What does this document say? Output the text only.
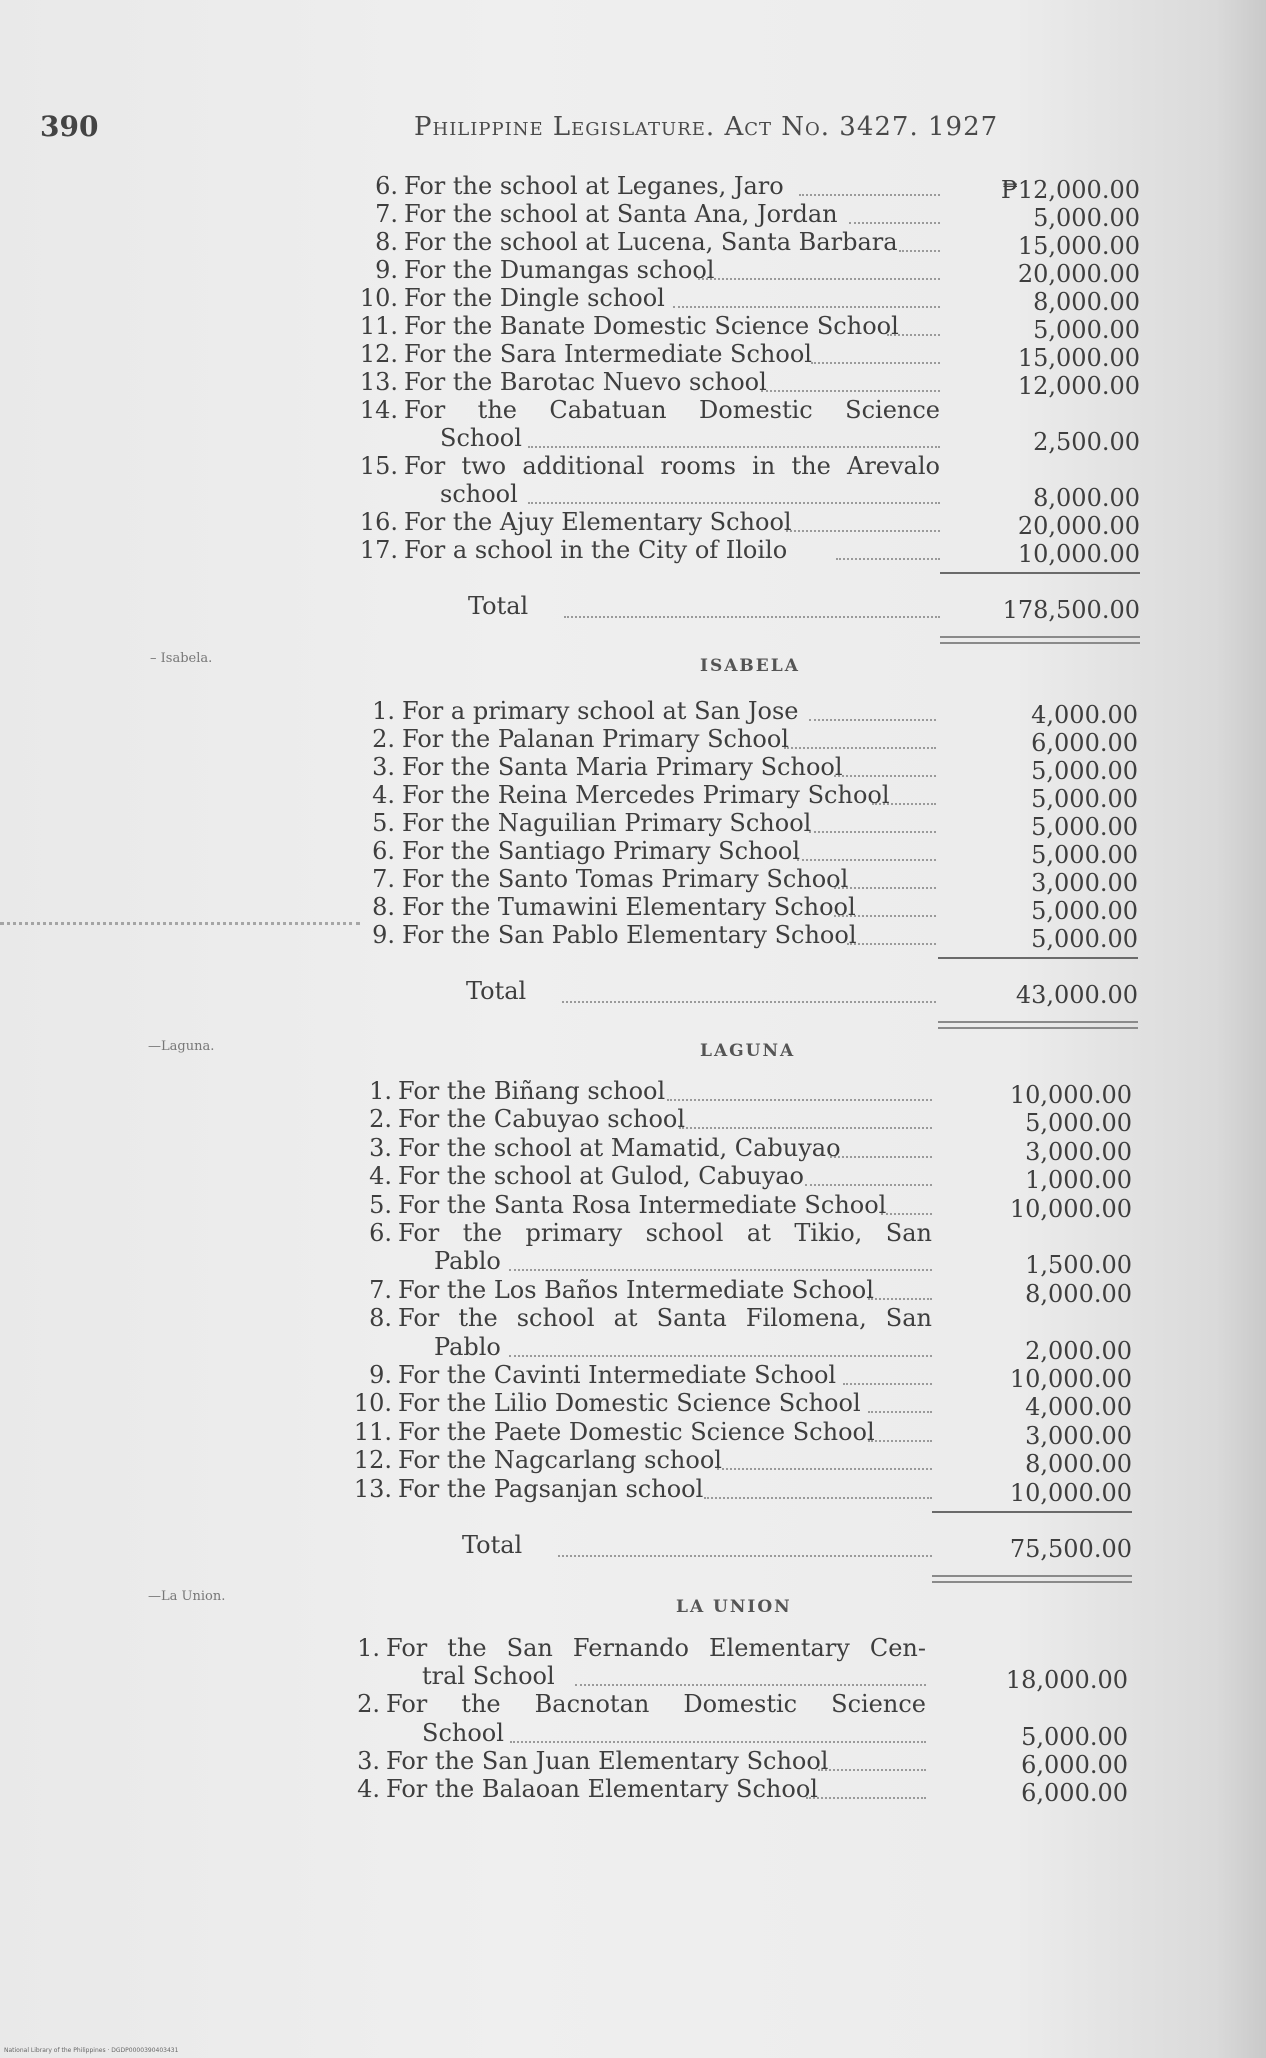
390	Philippine Legislature. Act No. 3427. 1927
6. For the school at Leganes, Jaro	₱12,000.00
7. For the school at Santa Ana, Jordan	5,000.00
8. For the school at Lucena, Santa Barbara	15,000.00
9. For the Dumangas school	20,000.00
10. For the Dingle school	8,000.00
11. For the Banate Domestic Science School	5,000.00
12. For the Sara Intermediate School	15,000.00
13. For the Barotac Nuevo school	12,000.00
14. For the Cabatuan Domestic Science
School	2,500.00
15. For two additional rooms in the Arevalo
school	8,000.00
16. For the Ajuy Elementary School	20,000.00
17. For a school in the City of Iloilo	10,000.00
Total	178,500.00
– Isabela.	ISABELA
1. For a primary school at San Jose	4,000.00
2. For the Palanan Primary School	6,000.00
3. For the Santa Maria Primary School	5,000.00
4. For the Reina Mercedes Primary School	5,000.00
5. For the Naguilian Primary School	5,000.00
6. For the Santiago Primary School	5,000.00
7. For the Santo Tomas Primary School	3,000.00
8. For the Tumawini Elementary School	5,000.00
9. For the San Pablo Elementary School	5,000.00
Total	43,000.00
—Laguna.	LAGUNA
1. For the Biñang school	10,000.00
2. For the Cabuyao school	5,000.00
3. For the school at Mamatid, Cabuyao	3,000.00
4. For the school at Gulod, Cabuyao	1,000.00
5. For the Santa Rosa Intermediate School	10,000.00
6. For the primary school at Tikio, San
Pablo	1,500.00
7. For the Los Baños Intermediate School	8,000.00
8. For the school at Santa Filomena, San
Pablo	2,000.00
9. For the Cavinti Intermediate School	10,000.00
10. For the Lilio Domestic Science School	4,000.00
11. For the Paete Domestic Science School	3,000.00
12. For the Nagcarlang school	8,000.00
13. For the Pagsanjan school	10,000.00
Total	75,500.00
—La Union.
LA UNION
1. For the San Fernando Elementary Cen-
tral School	18,000.00
2. For the Bacnotan Domestic Science
School	5,000.00
3. For the San Juan Elementary School	6,000.00
4. For the Balaoan Elementary School	6,000.00
National Library of the Philippines · DGDP0000390403431
